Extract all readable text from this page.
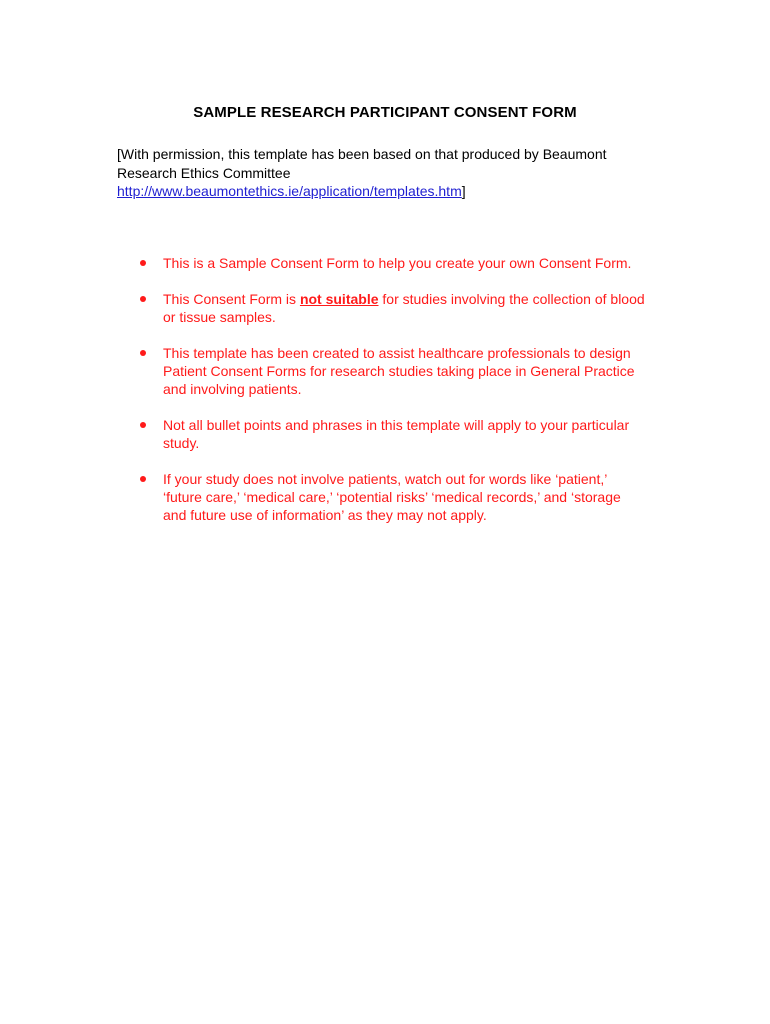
SAMPLE RESEARCH PARTICIPANT CONSENT FORM
[With permission, this template has been based on that produced by Beaumont
Research Ethics Committee
http://www.beaumontethics.ie/application/templates.htm]
This is a Sample Consent Form to help you create your own Consent Form.
This Consent Form is not suitable for studies involving the collection of blood
or tissue samples.
This template has been created to assist healthcare professionals to design
Patient Consent Forms for research studies taking place in General Practice
and involving patients.
Not all bullet points and phrases in this template will apply to your particular
study.
If your study does not involve patients, watch out for words like ‘patient,’
‘future care,’ ‘medical care,’ ‘potential risks’ ‘medical records,’ and ‘storage
and future use of information’ as they may not apply.
